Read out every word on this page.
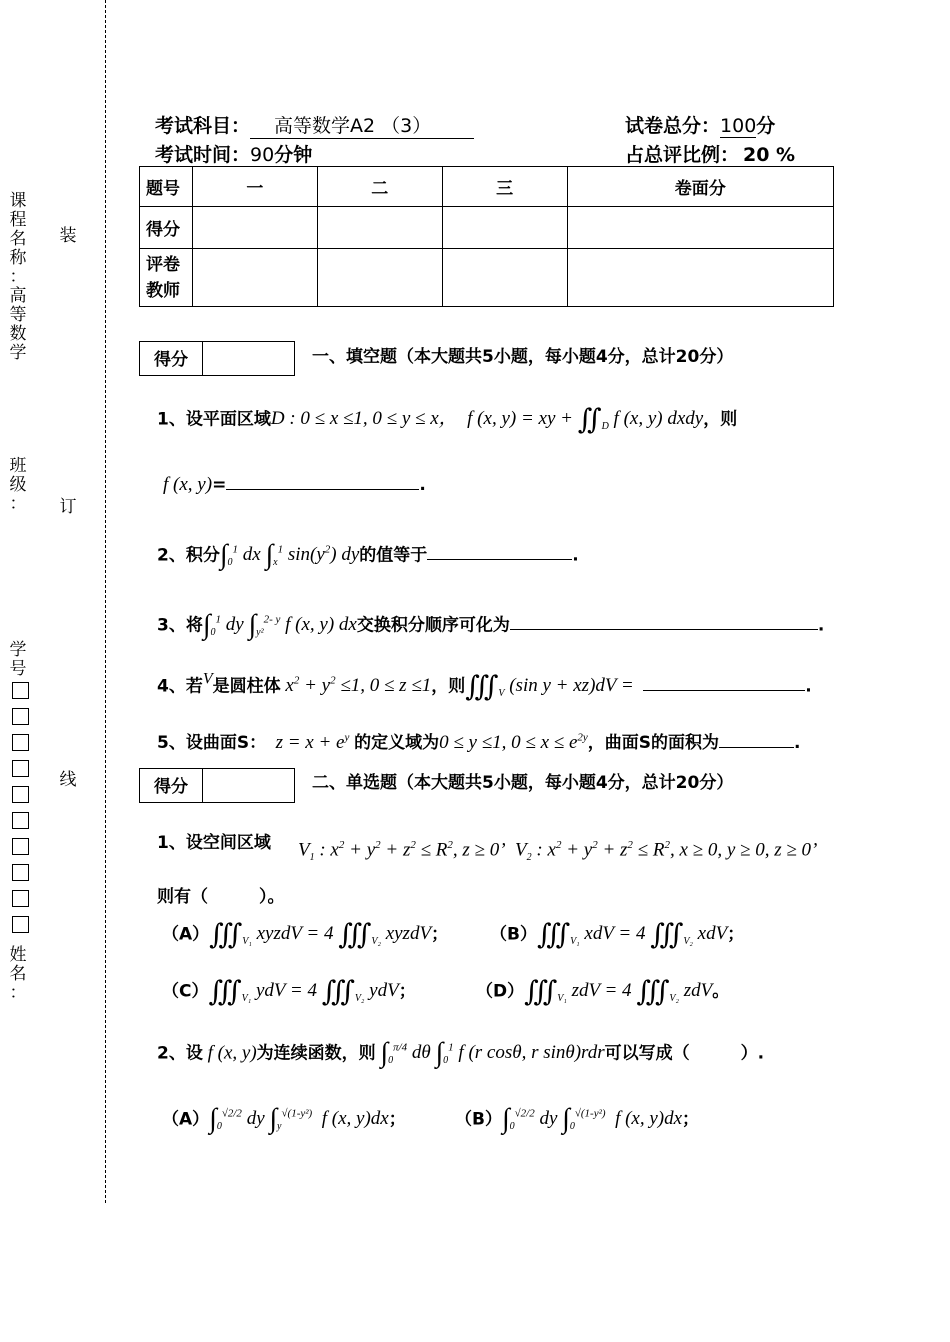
课
程
名
称
：
高
等
数
学
班
级
：
学
号
姓
名
：
装
订
线
考试科目： 高等数学A2 （3）
考试时间：90分钟
试卷总分：100分
占总评比例： 20 %
题号	一	二	三	卷面分
得分				
评卷教师				
得分	一、填空题（本大题共5小题，每小题4分，总计20分）
1、设平面区域D : 0 ≤ x ≤1, 0 ≤ y ≤ x，  f (x, y) = xy + $∬_D$ f (x, y) dxdy，则
f (x, y)=	.
2、积分$\int_0^1$ dx $\int_x^1$ $\sin(y^2)$ dy的值等于	.
3、将$\int_0^1$ dy $\int_{y^2}^{2- y}$ f (x, y) dx交换积分顺序可化为	.
4、若$^V$是圆柱体 $x^2 + y^2 \le 1$, 0 ≤ z ≤1，则$∭_V$ (sin y + xz)dV =	.
5、设曲面S：  $z = x + e^y$ 的定义域为0 ≤ y ≤1, $0 \le x \le e^{2y}$，曲面S的面积为	.
得分	二、单选题（本大题共5小题，每小题4分，总计20分）
1、设空间区域 $V_1$ : $x^2 + y^2 + z^2 \le R^2$, z ≥ 0’  $V_2$ : $x^2 + y^2 + z^2 \le R^2$, x ≥ 0, y ≥ 0, z ≥ 0’
则有（　　　）。
$(A)∭_{V_1}$ xyzdV = 4 $∭_{V_2}$ xyzdV； $(B)∭_{V_1}$ xdV = 4 $∭_{V_2}$ xdV；
$(C)∭_{V_1}$ ydV = 4 $∭_{V_2}$ ydV；	$(D)∭_{V_1}$ zdV = 4 $∭_{V_2}$ zdV。
2、设 f (x, y)为连续函数，则 $\int_0^{\pi/4}$ dθ $\int_0^1$ f (r cosθ, r sinθ)rdr可以写成（　　　）.
$(A)\int_0^{√2/2}$ dy $\int_y^{√(1-y^2)}$  f (x, y)dx；	$(B)\int_0^{√2/2}$ dy $\int_0^{√(1-y^2)}$  f (x, y)dx；
